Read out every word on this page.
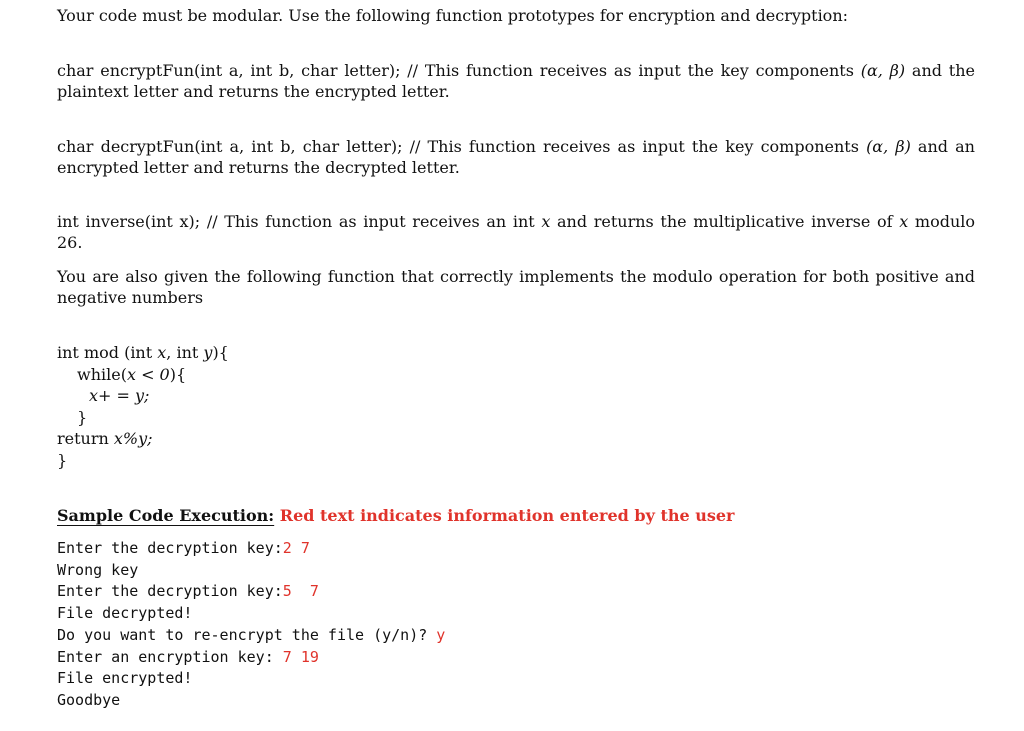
Your code must be modular. Use the following function prototypes for encryption and decryption:

char encryptFun(int a, int b, char letter); // This function receives as input the key components (α, β) and the plaintext letter and returns the encrypted letter.

char decryptFun(int a, int b, char letter); // This function receives as input the key components (α, β) and an encrypted letter and returns the decrypted letter.

int inverse(int x); // This function as input receives an int x and returns the multiplicative inverse of x modulo 26.

You are also given the following function that correctly implements the modulo operation for both positive and negative numbers

int mod (int x, int y){
while(x < 0){
x+ = y;
}
return x%y;
}
Sample Code Execution: Red text indicates information entered by the user
Enter the decryption key:2 7
Wrong key
Enter the decryption key:5  7
File decrypted!
Do you want to re-encrypt the file (y/n)? y
Enter an encryption key: 7 19
File encrypted!
Goodbye
